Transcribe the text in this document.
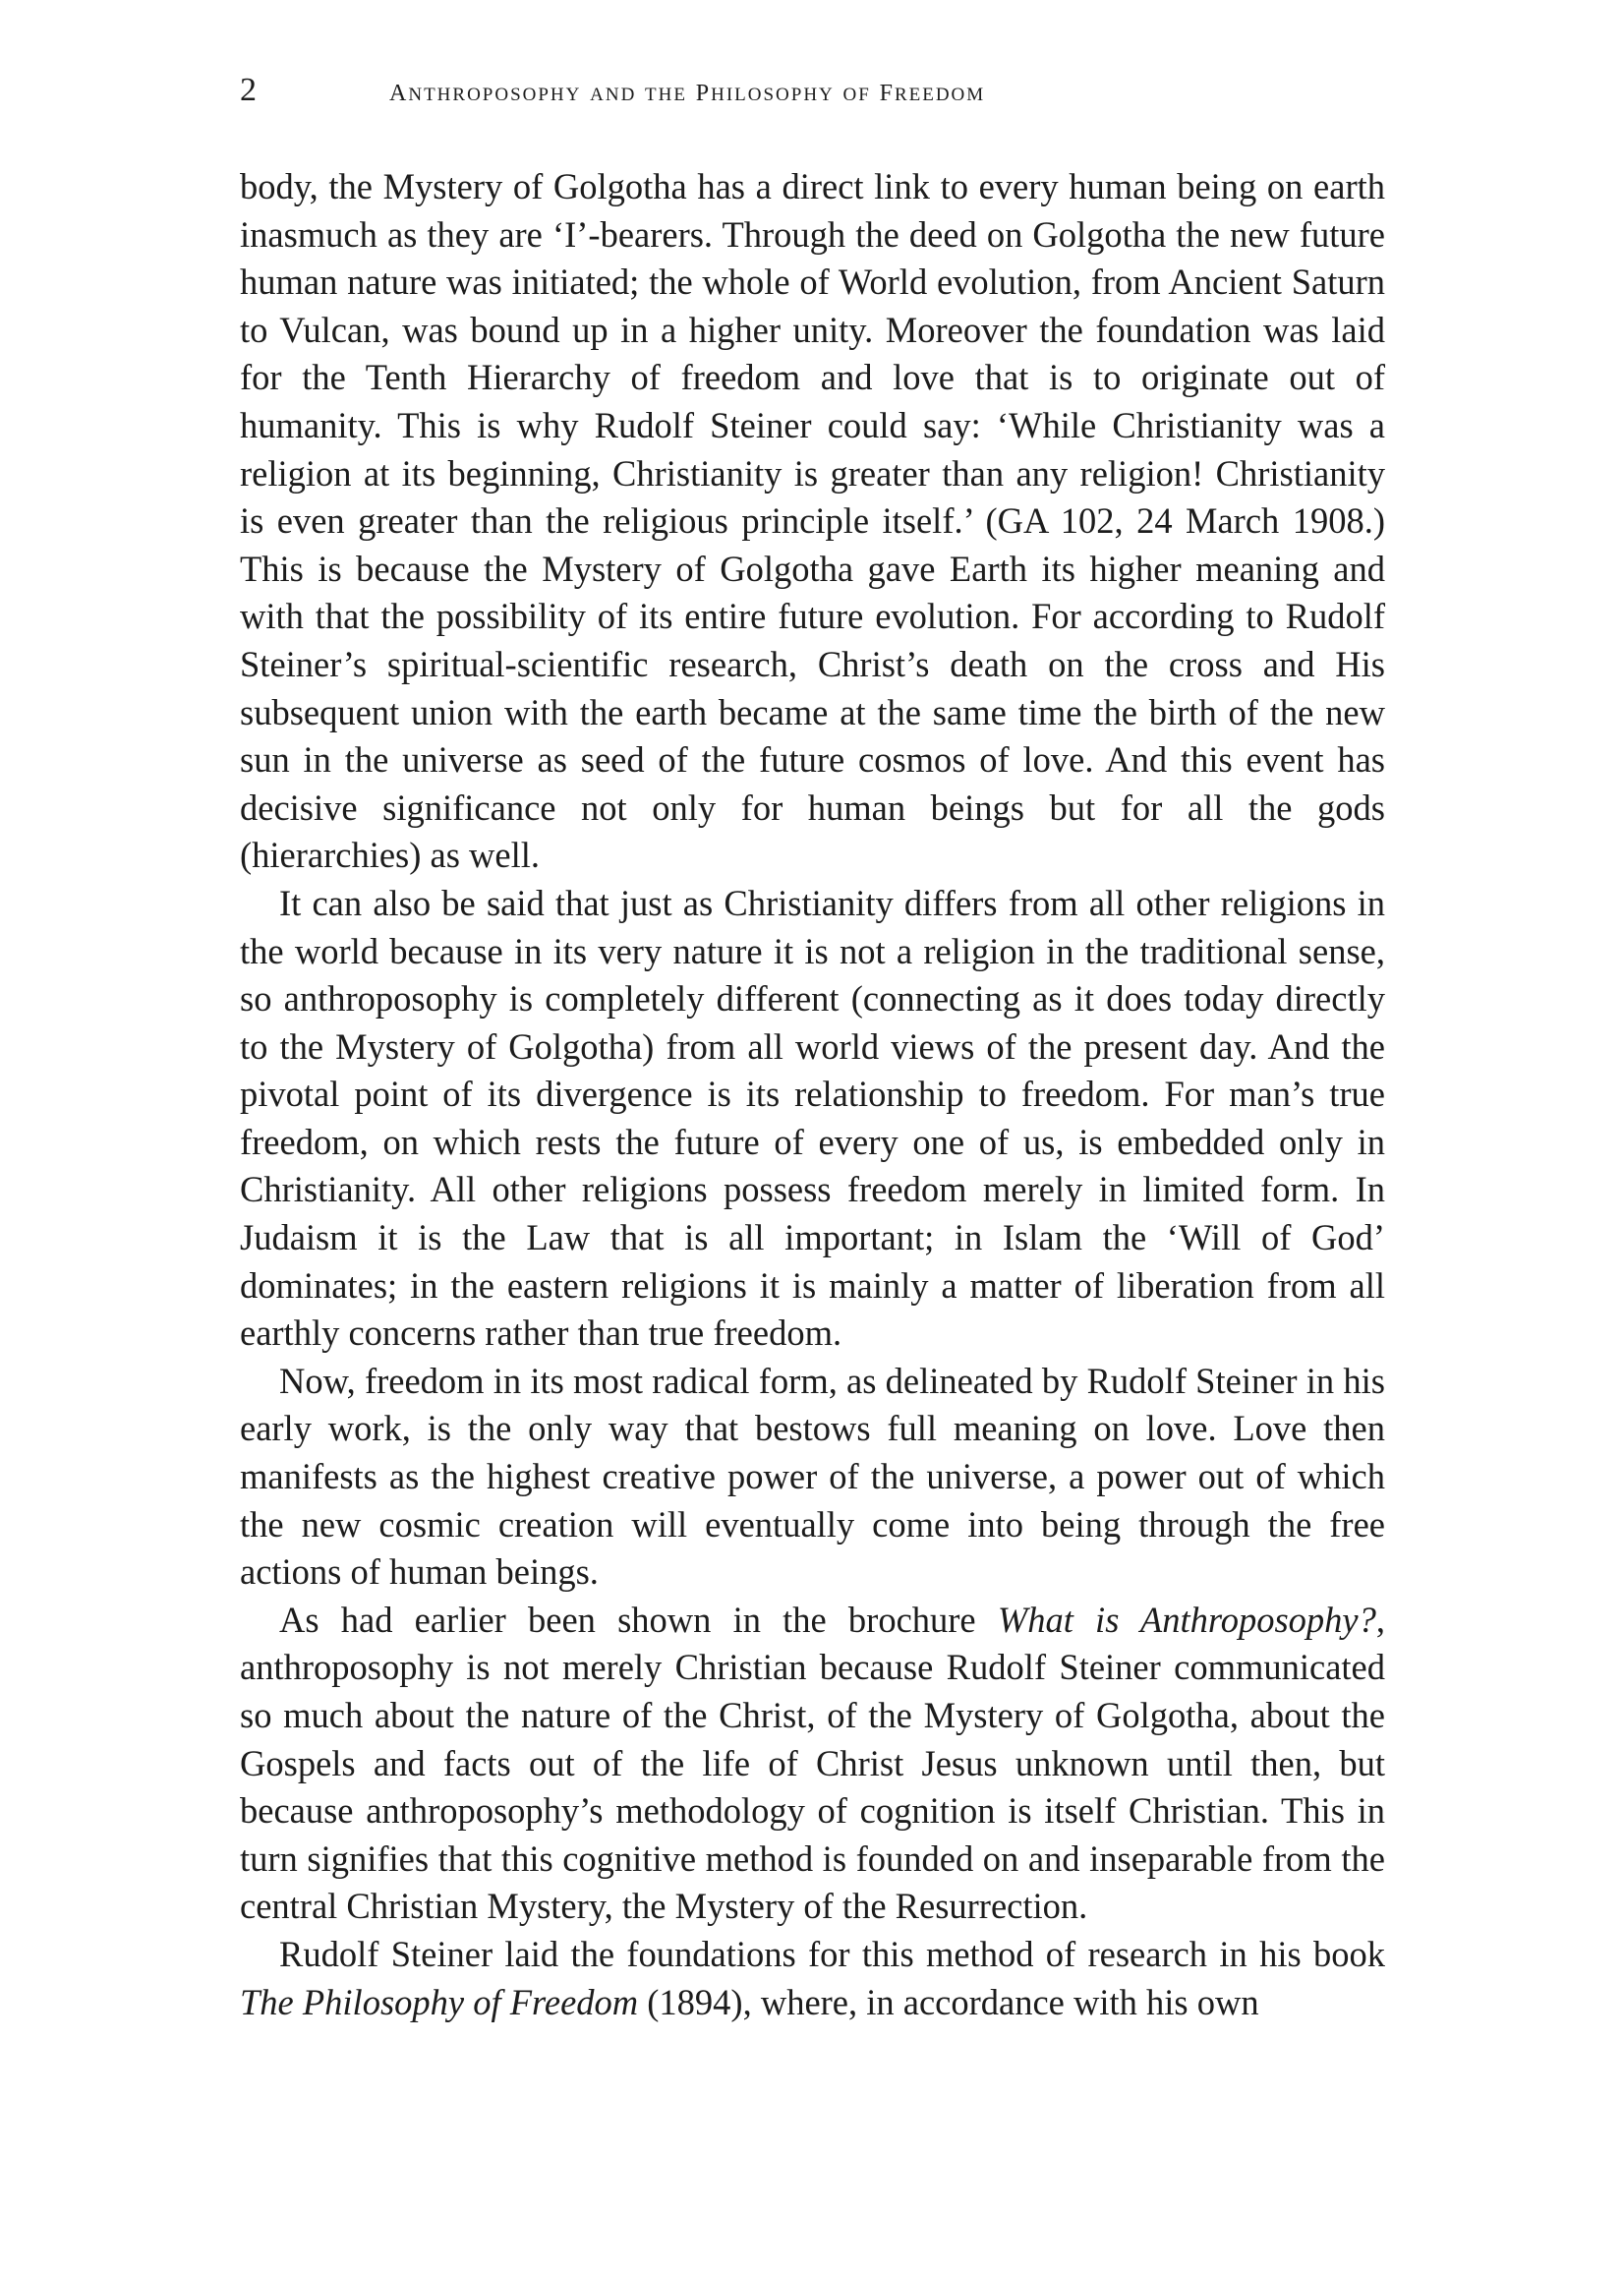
2	anthroposophy and the philosophy of freedom

body, the Mystery of Golgotha has a direct link to every human being on earth inasmuch as they are ‘I’-bearers. Through the deed on Golgotha the new future human nature was initiated; the whole of World evolution, from Ancient Saturn to Vulcan, was bound up in a higher unity. Moreover the foundation was laid for the Tenth Hierarchy of freedom and love that is to originate out of humanity. This is why Rudolf Steiner could say: ‘While Christianity was a religion at its beginning, Christianity is greater than any religion! Christianity is even greater than the religious principle itself.’ (GA 102, 24 March 1908.) This is because the Mystery of Golgotha gave Earth its higher meaning and with that the possibility of its entire future evolution. For according to Rudolf Steiner’s spiritual-scientific research, Christ’s death on the cross and His subsequent union with the earth became at the same time the birth of the new sun in the universe as seed of the future cosmos of love. And this event has decisive significance not only for human beings but for all the gods (hierarchies) as well.

It can also be said that just as Christianity differs from all other religions in the world because in its very nature it is not a religion in the traditional sense, so anthroposophy is completely different (connecting as it does today directly to the Mystery of Golgotha) from all world views of the present day. And the pivotal point of its divergence is its relationship to freedom. For man’s true freedom, on which rests the future of every one of us, is embedded only in Christianity. All other religions possess freedom merely in limited form. In Judaism it is the Law that is all important; in Islam the ‘Will of God’ dominates; in the eastern religions it is mainly a matter of liberation from all earthly concerns rather than true freedom.

Now, freedom in its most radical form, as delineated by Rudolf Steiner in his early work, is the only way that bestows full meaning on love. Love then manifests as the highest creative power of the universe, a power out of which the new cosmic creation will eventually come into being through the free actions of human beings.

As had earlier been shown in the brochure What is Anthroposophy?, anthroposophy is not merely Christian because Rudolf Steiner communicated so much about the nature of the Christ, of the Mystery of Golgotha, about the Gospels and facts out of the life of Christ Jesus unknown until then, but because anthroposophy’s methodology of cognition is itself Christian. This in turn signifies that this cognitive method is founded on and inseparable from the central Christian Mystery, the Mystery of the Resurrection.

Rudolf Steiner laid the foundations for this method of research in his book The Philosophy of Freedom (1894), where, in accordance with his own
